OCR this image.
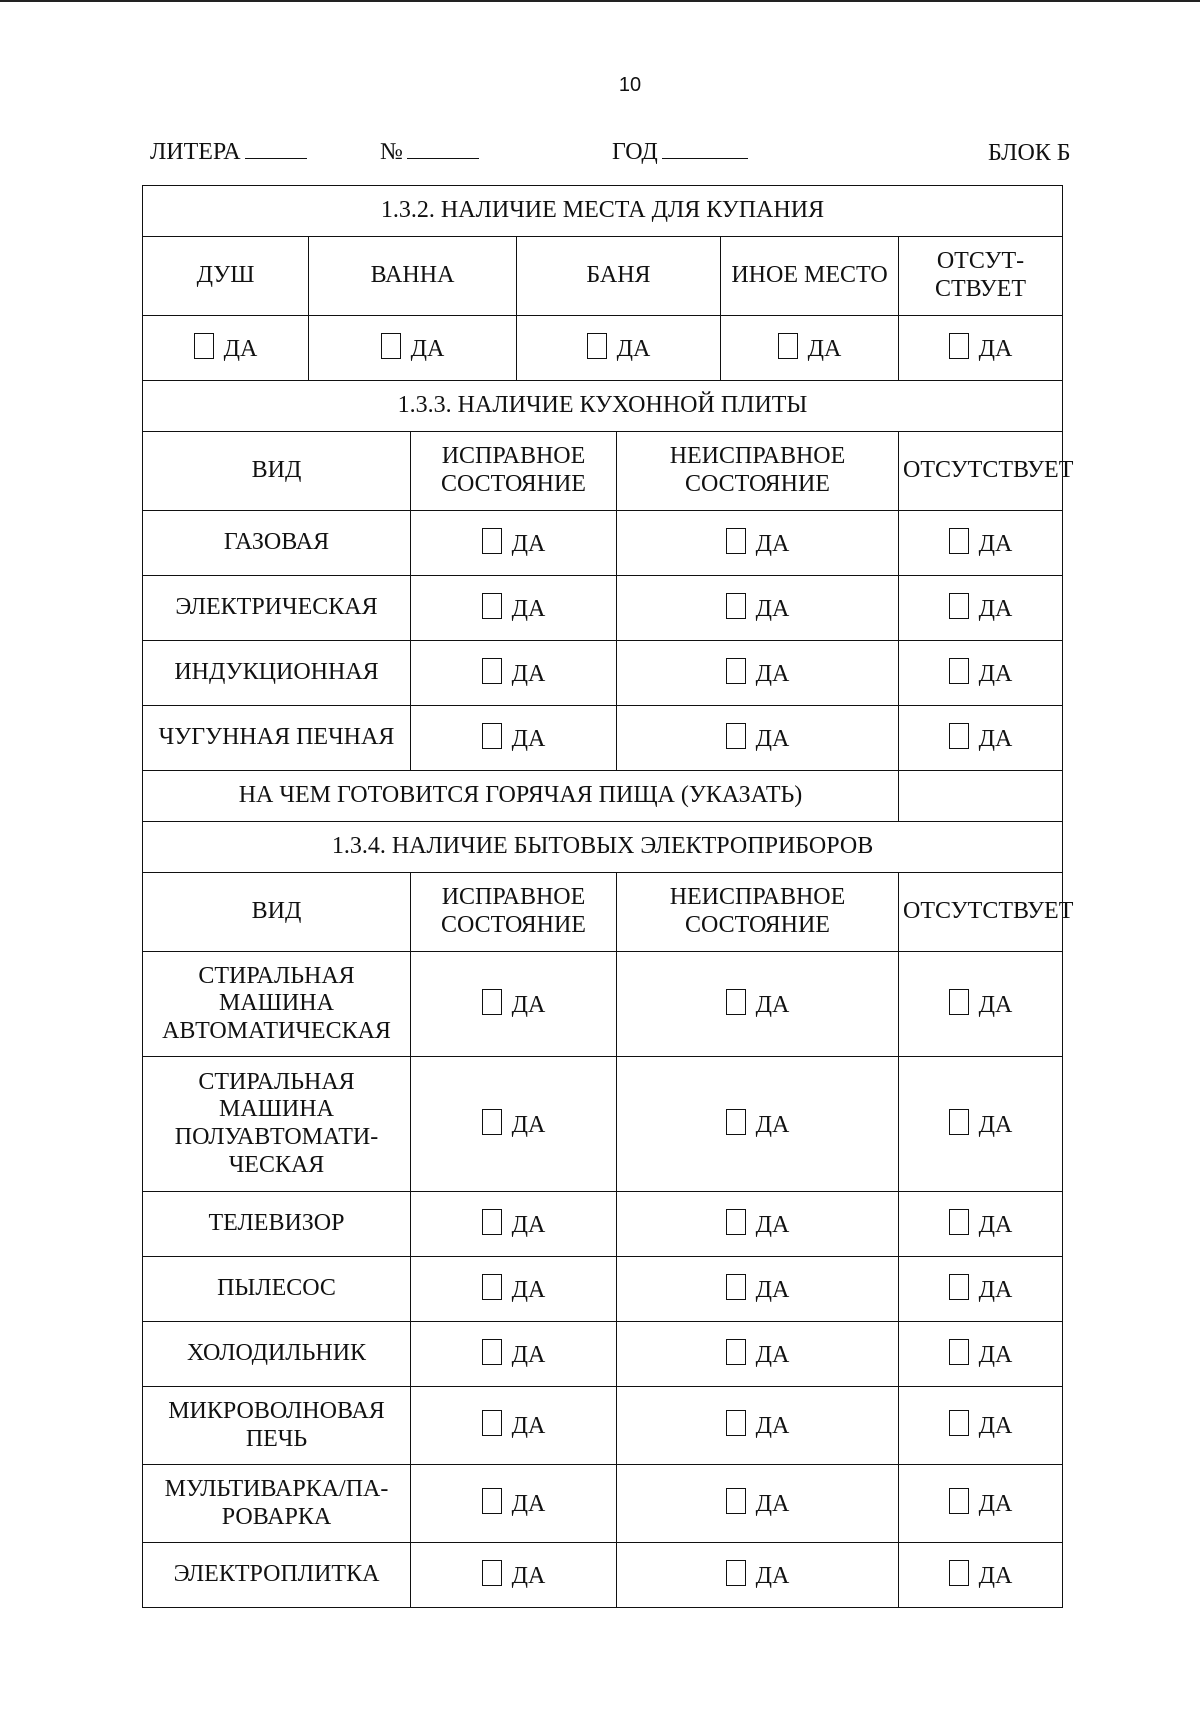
10
ЛИТЕРА	№	ГОД	БЛОК Б
1.3.2. НАЛИЧИЕ МЕСТА ДЛЯ КУПАНИЯ						
ДУШ	ВАННА		БАНЯ		ИНОЕ МЕСТО	ОТСУТ-СТВУЕТ
ДА	ДА		ДА		ДА	ДА
1.3.3. НАЛИЧИЕ КУХОННОЙ ПЛИТЫ						
ВИД		ИСПРАВНОЕ СОСТОЯНИЕ		НЕИСПРАВНОЕ СОСТОЯНИЕ		ОТСУТСТВУЕТ
ГАЗОВАЯ		ДА		ДА		ДА
ЭЛЕКТРИЧЕСКАЯ		ДА		ДА		ДА
ИНДУКЦИОННАЯ		ДА		ДА		ДА
ЧУГУННАЯ ПЕЧНАЯ		ДА		ДА		ДА
НА ЧЕМ ГОТОВИТСЯ ГОРЯЧАЯ ПИЩА (УКАЗАТЬ)						
1.3.4. НАЛИЧИЕ БЫТОВЫХ ЭЛЕКТРОПРИБОРОВ						
ВИД		ИСПРАВНОЕ СОСТОЯНИЕ		НЕИСПРАВНОЕ СОСТОЯНИЕ		ОТСУТСТВУЕТ
СТИРАЛЬНАЯ МАШИНА АВТОМАТИЧЕСКАЯ		ДА		ДА		ДА
СТИРАЛЬНАЯ МАШИНА ПОЛУАВТОМАТИ-ЧЕСКАЯ		ДА		ДА		ДА
ТЕЛЕВИЗОР		ДА		ДА		ДА
ПЫЛЕСОС		ДА		ДА		ДА
ХОЛОДИЛЬНИК		ДА		ДА		ДА
МИКРОВОЛНОВАЯ ПЕЧЬ		ДА		ДА		ДА
МУЛЬТИВАРКА/ПА-РОВАРКА		ДА		ДА		ДА
ЭЛЕКТРОПЛИТКА		ДА		ДА		ДА
